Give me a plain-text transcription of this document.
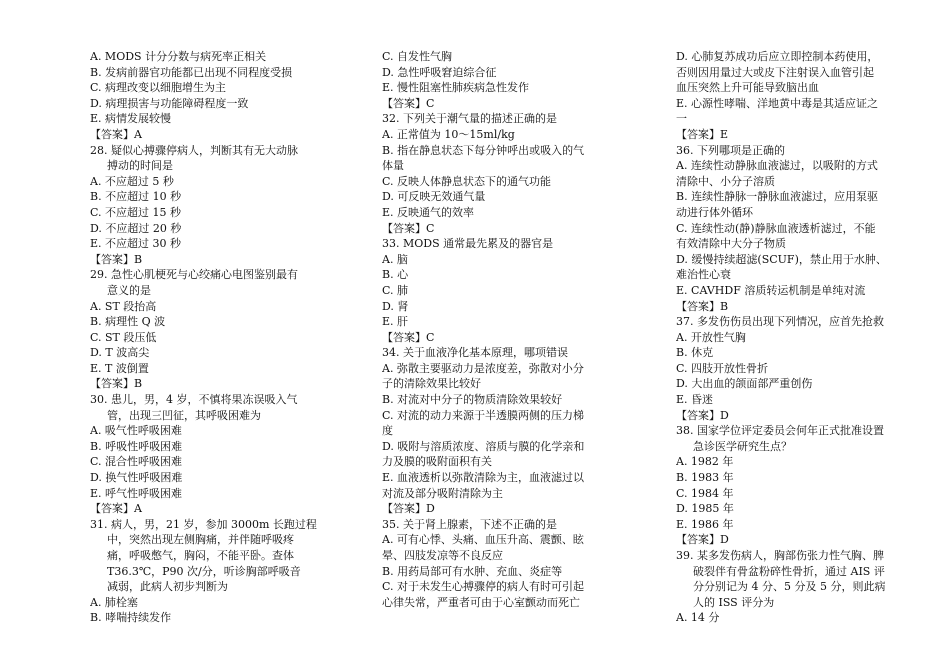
A. MODS 计分分数与病死率正相关
B. 发病前器官功能都已出现不同程度受损
C. 病理改变以细胞增生为主
D. 病理损害与功能障碍程度一致
E. 病情发展较慢
【答案】A
28. 疑似心搏骤停病人，判断其有无大动脉
搏动的时间是
A. 不应超过 5 秒
B. 不应超过 10 秒
C. 不应超过 15 秒
D. 不应超过 20 秒
E. 不应超过 30 秒
【答案】B
29. 急性心肌梗死与心绞痛心电图鉴别最有
意义的是
A. ST 段抬高
B. 病理性 Q 波
C. ST 段压低
D. T 波高尖
E. T 波倒置
【答案】B
30. 患儿，男，4 岁，不慎将果冻误吸入气
管，出现三凹征，其呼吸困难为
A. 吸气性呼吸困难
B. 呼吸性呼吸困难
C. 混合性呼吸困难
D. 换气性呼吸困难
E. 呼气性呼吸困难
【答案】A
31. 病人，男，21 岁，参加 3000m 长跑过程
中，突然出现左侧胸痛，并伴随呼吸疼
痛，呼吸憋气，胸闷，不能平卧。查体
T36.3℃，P90 次/分，听诊胸部呼吸音
减弱，此病人初步判断为
A. 肺栓塞
B. 哮喘持续发作
C. 自发性气胸
D. 急性呼吸窘迫综合征
E. 慢性阻塞性肺疾病急性发作
【答案】C
32. 下列关于潮气量的描述正确的是
A. 正常值为 10～15ml/kg
B. 指在静息状态下每分钟呼出或吸入的气
体量
C. 反映人体静息状态下的通气功能
D. 可反映无效通气量
E. 反映通气的效率
【答案】C
33. MODS 通常最先累及的器官是
A. 脑
B. 心
C. 肺
D. 肾
E. 肝
【答案】C
34. 关于血液净化基本原理，哪项错误
A. 弥散主要驱动力是浓度差，弥散对小分
子的清除效果比较好
B. 对流对中分子的物质清除效果较好
C. 对流的动力来源于半透膜两侧的压力梯
度
D. 吸附与溶质浓度、溶质与膜的化学亲和
力及膜的吸附面积有关
E. 血液透析以弥散清除为主，血液滤过以
对流及部分吸附清除为主
【答案】D
35. 关于肾上腺素，下述不正确的是
A. 可有心悸、头痛、血压升高、震颤、眩
晕、四肢发凉等不良反应
B. 用药局部可有水肿、充血、炎症等
C. 对于未发生心搏骤停的病人有时可引起
心律失常，严重者可由于心室颤动而死亡
D. 心肺复苏成功后应立即控制本药使用，
否则因用量过大或皮下注射误入血管引起
血压突然上升可能导致脑出血
E. 心源性哮喘、洋地黄中毒是其适应证之
一
【答案】E
36. 下列哪项是正确的
A. 连续性动静脉血液滤过，以吸附的方式
清除中、小分子溶质
B. 连续性静脉一静脉血液滤过，应用泵驱
动进行体外循环
C. 连续性动(静)静脉血液透析滤过，不能
有效清除中大分子物质
D. 缓慢持续超滤(SCUF)，禁止用于水肿、
难治性心衰
E. CAVHDF 溶质转运机制是单纯对流
【答案】B
37. 多发伤伤员出现下列情况，应首先抢救
A. 开放性气胸
B. 休克
C. 四肢开放性骨折
D. 大出血的颌面部严重创伤
E. 昏迷
【答案】D
38. 国家学位评定委员会何年正式批准设置
急诊医学研究生点？
A. 1982 年
B. 1983 年
C. 1984 年
D. 1985 年
E. 1986 年
【答案】D
39. 某多发伤病人，胸部伤张力性气胸、脾
破裂伴有骨盆粉碎性骨折，通过 AIS 评
分分别记为 4 分、5 分及 5 分，则此病
人的 ISS 评分为
A. 14 分
